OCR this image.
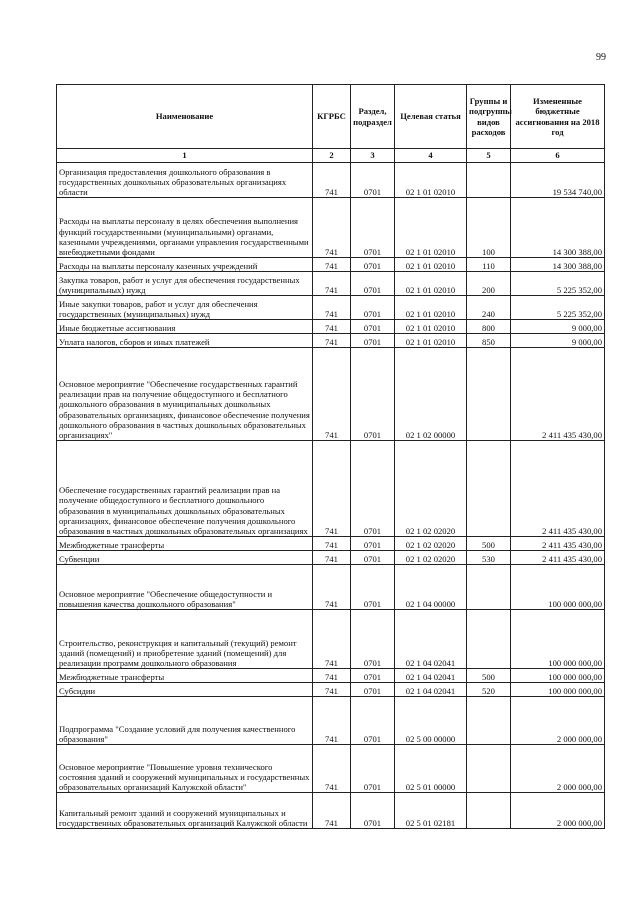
99
Наименование	КГРБС	Раздел, подраздел	Целевая статья	Группы и подгруппы видов расходов	Измененные бюджетные ассигнования на 2018 год
1	2	3	4	5	6
Организация предоставления дошкольного образования в государственных дошкольных образовательных организациях области	741	0701	02 1 01 02010		19 534 740,00
Расходы на выплаты персоналу в целях обеспечения выполнения функций государственными (муниципальными) органами, казенными учреждениями, органами управления государственными внебюджетными фондами	741	0701	02 1 01 02010	100	14 300 388,00
Расходы на выплаты персоналу казенных учреждений	741	0701	02 1 01 02010	110	14 300 388,00
Закупка товаров, работ и услуг для обеспечения государственных (муниципальных) нужд	741	0701	02 1 01 02010	200	5 225 352,00
Иные закупки товаров, работ и услуг для обеспечения государственных (муниципальных) нужд	741	0701	02 1 01 02010	240	5 225 352,00
Иные бюджетные ассигнования	741	0701	02 1 01 02010	800	9 000,00
Уплата налогов, сборов и иных платежей	741	0701	02 1 01 02010	850	9 000,00
Основное мероприятие "Обеспечение государственных гарантий реализации прав на получение общедоступного и бесплатного дошкольного образования в муниципальных дошкольных образовательных организациях, финансовое обеспечение получения дошкольного образования в частных дошкольных образовательных организациях"	741	0701	02 1 02 00000		2 411 435 430,00
Обеспечение государственных гарантий реализации прав на получение общедоступного и бесплатного дошкольного образования в муниципальных дошкольных образовательных организациях, финансовое обеспечение получения дошкольного образования в частных дошкольных образовательных организациях	741	0701	02 1 02 02020		2 411 435 430,00
Межбюджетные трансферты	741	0701	02 1 02 02020	500	2 411 435 430,00
Субвенции	741	0701	02 1 02 02020	530	2 411 435 430,00
Основное мероприятие "Обеспечение общедоступности и повышения качества дошкольного образования"	741	0701	02 1 04 00000		100 000 000,00
Строительство, реконструкция и капитальный (текущий) ремонт зданий (помещений) и приобретение зданий (помещений) для реализации программ дошкольного образования	741	0701	02 1 04 02041		100 000 000,00
Межбюджетные трансферты	741	0701	02 1 04 02041	500	100 000 000,00
Субсидии	741	0701	02 1 04 02041	520	100 000 000,00
Подпрограмма "Создание условий для получения качественного образования"	741	0701	02 5 00 00000		2 000 000,00
Основное мероприятие "Повышение уровня технического состояния зданий и сооружений муниципальных и государственных образовательных организаций Калужской области"	741	0701	02 5 01 00000		2 000 000,00
Капитальный ремонт зданий и сооружений муниципальных и государственных образовательных организаций Калужской области	741	0701	02 5 01 02181		2 000 000,00
